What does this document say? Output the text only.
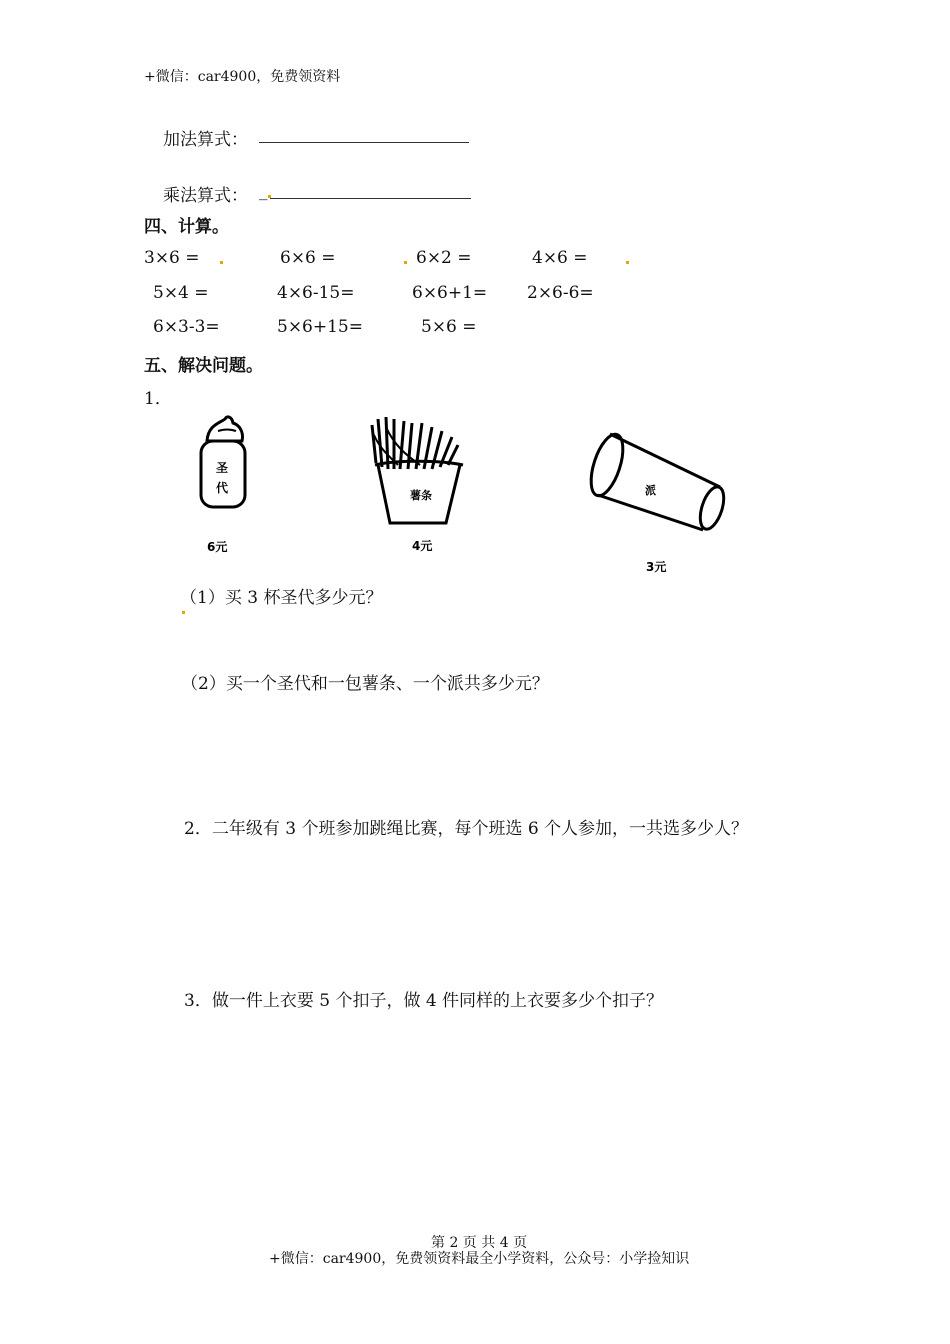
+微信：car4900，免费领资料
加法算式：
乘法算式： _
四、计算。
3×6 =	6×6 =	6×2 =	4×6 =
5×4 =	4×6-15=	6×6+1= 2×6-6=
6×3-3=	5×6+15=	5×6 =
五、解决问题。
1．
圣
代
6元
薯条
4元
派
3元
（1）买 3 杯圣代多少元？
（2）买一个圣代和一包薯条、一个派共多少元？
2．二年级有 3 个班参加跳绳比赛，每个班选 6 个人参加，一共选多少人？
3．做一件上衣要 5 个扣子，做 4 件同样的上衣要多少个扣子？
第 2 页 共 4 页
+微信：car4900，免费领资料最全小学资料，公众号：小学捡知识
